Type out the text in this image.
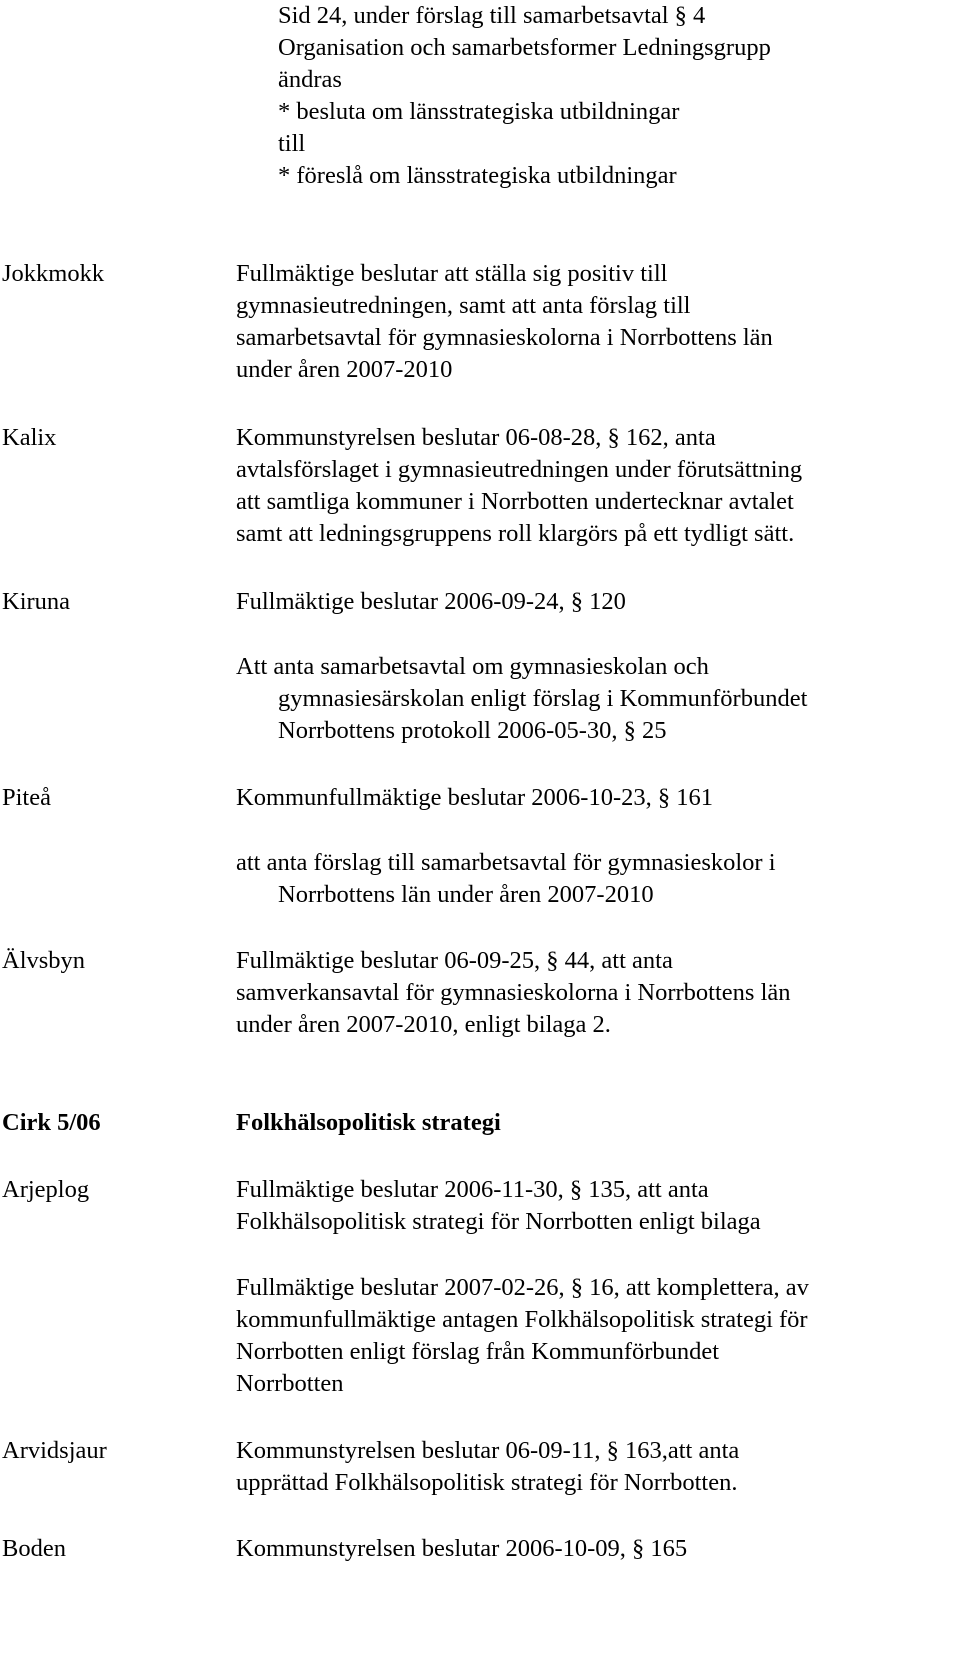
Sid 24, under förslag till samarbetsavtal § 4
Organisation och samarbetsformer Ledningsgrupp
ändras
* besluta om länsstrategiska utbildningar
till
* föreslå om länsstrategiska utbildningar
Jokkmokk	Fullmäktige beslutar att ställa sig positiv till
gymnasieutredningen, samt att anta förslag till
samarbetsavtal för gymnasieskolorna i Norrbottens län
under åren 2007-2010
Kalix	Kommunstyrelsen beslutar 06-08-28, § 162, anta
avtalsförslaget i gymnasieutredningen under förutsättning
att samtliga kommuner i Norrbotten undertecknar avtalet
samt att ledningsgruppens roll klargörs på ett tydligt sätt.
Kiruna	Fullmäktige beslutar 2006-09-24, § 120
Att anta samarbetsavtal om gymnasieskolan och
gymnasiesärskolan enligt förslag i Kommunförbundet
Norrbottens protokoll 2006-05-30, § 25
Piteå	Kommunfullmäktige beslutar 2006-10-23, § 161
att anta förslag till samarbetsavtal för gymnasieskolor i
Norrbottens län under åren 2007-2010
Älvsbyn	Fullmäktige beslutar 06-09-25, § 44, att anta
samverkansavtal för gymnasieskolorna i Norrbottens län
under åren 2007-2010, enligt bilaga 2.
Cirk 5/06	Folkhälsopolitisk strategi
Arjeplog	Fullmäktige beslutar 2006-11-30, § 135, att anta
Folkhälsopolitisk strategi för Norrbotten enligt bilaga
Fullmäktige beslutar 2007-02-26, § 16, att komplettera, av
kommunfullmäktige antagen Folkhälsopolitisk strategi för
Norrbotten enligt förslag från Kommunförbundet
Norrbotten
Arvidsjaur	Kommunstyrelsen beslutar 06-09-11, § 163,att anta
upprättad Folkhälsopolitisk strategi för Norrbotten.
Boden	Kommunstyrelsen beslutar 2006-10-09, § 165
